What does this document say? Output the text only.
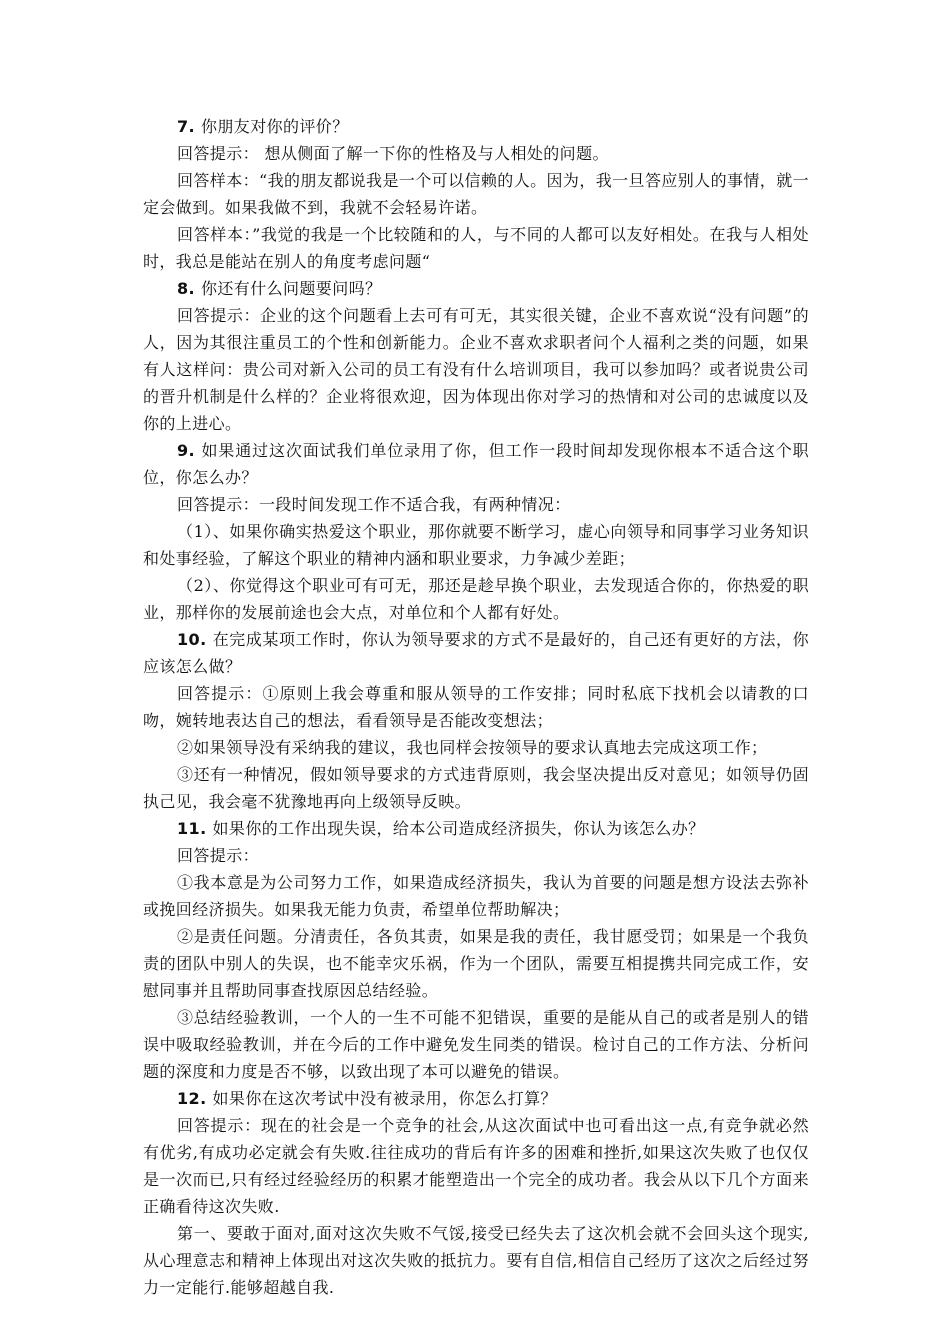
7. 你朋友对你的评价？

回答提示： 想从侧面了解一下你的性格及与人相处的问题。

回答样本：“我的朋友都说我是一个可以信赖的人。因为，我一旦答应别人的事情，就一定会做到。如果我做不到，我就不会轻易许诺。

回答样本：”我觉的我是一个比较随和的人，与不同的人都可以友好相处。在我与人相处时，我总是能站在别人的角度考虑问题“

8. 你还有什么问题要问吗？

回答提示：企业的这个问题看上去可有可无，其实很关键，企业不喜欢说“没有问题”的人，因为其很注重员工的个性和创新能力。企业不喜欢求职者问个人福利之类的问题，如果有人这样问：贵公司对新入公司的员工有没有什么培训项目，我可以参加吗？或者说贵公司的晋升机制是什么样的？企业将很欢迎，因为体现出你对学习的热情和对公司的忠诚度以及你的上进心。

9. 如果通过这次面试我们单位录用了你，但工作一段时间却发现你根本不适合这个职位，你怎么办？

回答提示：一段时间发现工作不适合我，有两种情况：

（1）、如果你确实热爱这个职业，那你就要不断学习，虚心向领导和同事学习业务知识和处事经验，了解这个职业的精神内涵和职业要求，力争减少差距；

（2）、你觉得这个职业可有可无，那还是趁早换个职业，去发现适合你的，你热爱的职业，那样你的发展前途也会大点，对单位和个人都有好处。

10. 在完成某项工作时，你认为领导要求的方式不是最好的，自己还有更好的方法，你应该怎么做？

回答提示：①原则上我会尊重和服从领导的工作安排；同时私底下找机会以请教的口吻，婉转地表达自己的想法，看看领导是否能改变想法；

②如果领导没有采纳我的建议，我也同样会按领导的要求认真地去完成这项工作；

③还有一种情况，假如领导要求的方式违背原则，我会坚决提出反对意见；如领导仍固执己见，我会毫不犹豫地再向上级领导反映。

11. 如果你的工作出现失误，给本公司造成经济损失，你认为该怎么办？

回答提示：

①我本意是为公司努力工作，如果造成经济损失，我认为首要的问题是想方设法去弥补或挽回经济损失。如果我无能力负责，希望单位帮助解决；

②是责任问题。分清责任，各负其责，如果是我的责任，我甘愿受罚；如果是一个我负责的团队中别人的失误，也不能幸灾乐祸，作为一个团队，需要互相提携共同完成工作，安慰同事并且帮助同事查找原因总结经验。

③总结经验教训，一个人的一生不可能不犯错误，重要的是能从自己的或者是别人的错误中吸取经验教训，并在今后的工作中避免发生同类的错误。检讨自己的工作方法、分析问题的深度和力度是否不够，以致出现了本可以避免的错误。

12. 如果你在这次考试中没有被录用，你怎么打算？

回答提示：现在的社会是一个竞争的社会,从这次面试中也可看出这一点,有竞争就必然有优劣,有成功必定就会有失败.往往成功的背后有许多的困难和挫折,如果这次失败了也仅仅是一次而已,只有经过经验经历的积累才能塑造出一个完全的成功者。我会从以下几个方面来正确看待这次失败.

第一、要敢于面对,面对这次失败不气馁,接受已经失去了这次机会就不会回头这个现实,从心理意志和精神上体现出对这次失败的抵抗力。要有自信,相信自己经历了这次之后经过努力一定能行.能够超越自我.
